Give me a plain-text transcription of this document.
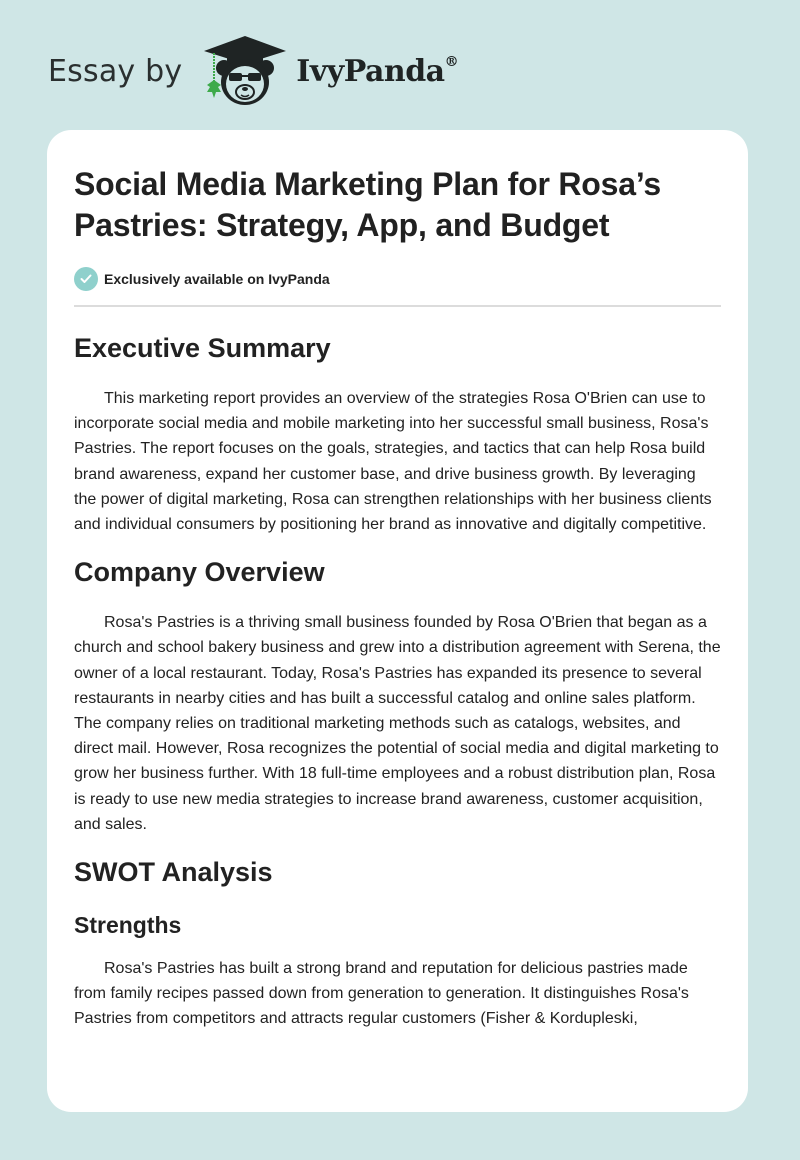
Essay by	IvyPanda®
Social Media Marketing Plan for Rosa’s Pastries: Strategy, App, and Budget
Exclusively available on IvyPanda
Executive Summary

This marketing report provides an overview of the strategies Rosa O'Brien can use to incorporate social media and mobile marketing into her successful small business, Rosa's Pastries. The report focuses on the goals, strategies, and tactics that can help Rosa build brand awareness, expand her customer base, and drive business growth. By leveraging the power of digital marketing, Rosa can strengthen relationships with her business clients and individual consumers by positioning her brand as innovative and digitally competitive.

Company Overview

Rosa's Pastries is a thriving small business founded by Rosa O'Brien that began as a church and school bakery business and grew into a distribution agreement with Serena, the owner of a local restaurant. Today, Rosa's Pastries has expanded its presence to several restaurants in nearby cities and has built a successful catalog and online sales platform. The company relies on traditional marketing methods such as catalogs, websites, and direct mail. However, Rosa recognizes the potential of social media and digital marketing to grow her business further. With 18 full-time employees and a robust distribution plan, Rosa is ready to use new media strategies to increase brand awareness, customer acquisition, and sales.

SWOT Analysis
Strengths

Rosa's Pastries has built a strong brand and reputation for delicious pastries made from family recipes passed down from generation to generation. It distinguishes Rosa's Pastries from competitors and attracts regular customers (Fisher & Kordupleski,
